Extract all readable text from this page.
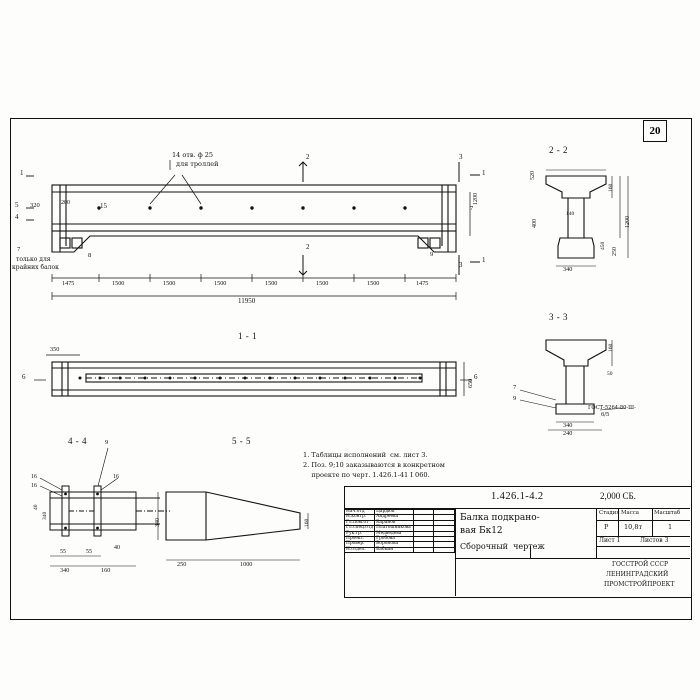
20
14 отв. ф 25
для троллей
только для
крайних балок
2
2
3
3
1
1
1
5
4
320	200	15
7
8
7
9
1200
1475	1500	1500	1500	1500	1500	1500	1475
11950
2 - 2
520
160
400
140
1200
250
450
340
3 - 3
160
50
7
9
ГОСТ-5264-80-Ш-
6/5
340
240
1 - 1
350
650
6	6
4 - 4	9
16
16
16
40
340
55	55
40
340	160
5 - 5
340	160
250	1000
1. Таблицы исполнений  см. лист 3.
2. Поз. 9;10 заказываются в конкретном
проекте по черт. 1.426.1-41 I 060.
1.426.1-4.2	2,000 СБ.
Балка подкрано-
вая Бк12
Сборочный  чертеж
Стадия Масса	Масштаб
Р 10,8т	1
Лист 1	Листов 3
ГОССТРОЙ СССР
ЛЕНИНГРАДСКИЙ
ПРОМСТРОЙПРОЕКТ
Нач.отд	Цардюк		
Н.контр.	Андреева		
Гл.пом.от	Баранов		
Гл.спец.отд	Платошникова		
Рук.гр.	Медведева		
Проект.	Гробова		
Провер.	Воронова		
Н.отдел.	Бабкин		
